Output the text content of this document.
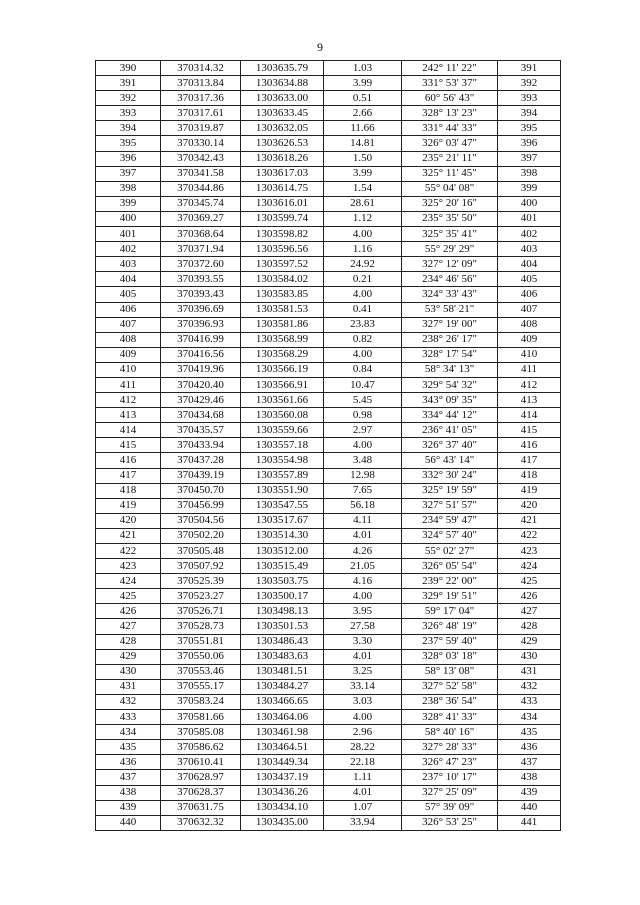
9
390	370314.32	1303635.79	1.03	242° 11' 22"	391
391	370313.84	1303634.88	3.99	331° 53' 37"	392
392	370317.36	1303633.00	0.51	60° 56' 43"	393
393	370317.61	1303633.45	2.66	328° 13' 23"	394
394	370319.87	1303632.05	11.66	331° 44' 33"	395
395	370330.14	1303626.53	14.81	326° 03' 47"	396
396	370342.43	1303618.26	1.50	235° 21' 11"	397
397	370341.58	1303617.03	3.99	325° 11' 45"	398
398	370344.86	1303614.75	1.54	55° 04' 08"	399
399	370345.74	1303616.01	28.61	325° 20' 16"	400
400	370369.27	1303599.74	1.12	235° 35' 50"	401
401	370368.64	1303598.82	4.00	325° 35' 41"	402
402	370371.94	1303596.56	1.16	55° 29' 29"	403
403	370372.60	1303597.52	24.92	327° 12' 09"	404
404	370393.55	1303584.02	0.21	234° 46' 56"	405
405	370393.43	1303583.85	4.00	324° 33' 43"	406
406	370396.69	1303581.53	0.41	53° 58' 21"	407
407	370396.93	1303581.86	23.83	327° 19' 00"	408
408	370416.99	1303568.99	0.82	238° 26' 17"	409
409	370416.56	1303568.29	4.00	328° 17' 54"	410
410	370419.96	1303566.19	0.84	58° 34' 13"	411
411	370420.40	1303566.91	10.47	329° 54' 32"	412
412	370429.46	1303561.66	5.45	343° 09' 35"	413
413	370434.68	1303560.08	0.98	334° 44' 12"	414
414	370435.57	1303559.66	2.97	236° 41' 05"	415
415	370433.94	1303557.18	4.00	326° 37' 40"	416
416	370437.28	1303554.98	3.48	56° 43' 14"	417
417	370439.19	1303557.89	12.98	332° 30' 24"	418
418	370450.70	1303551.90	7.65	325° 19' 59"	419
419	370456.99	1303547.55	56.18	327° 51' 57"	420
420	370504.56	1303517.67	4.11	234° 59' 47"	421
421	370502.20	1303514.30	4.01	324° 57' 40"	422
422	370505.48	1303512.00	4.26	55° 02' 27"	423
423	370507.92	1303515.49	21.05	326° 05' 54"	424
424	370525.39	1303503.75	4.16	239° 22' 00"	425
425	370523.27	1303500.17	4.00	329° 19' 51"	426
426	370526.71	1303498.13	3.95	59° 17' 04"	427
427	370528.73	1303501.53	27.58	326° 48' 19"	428
428	370551.81	1303486.43	3.30	237° 59' 40"	429
429	370550.06	1303483.63	4.01	328° 03' 18"	430
430	370553.46	1303481.51	3.25	58° 13' 08"	431
431	370555.17	1303484.27	33.14	327° 52' 58"	432
432	370583.24	1303466.65	3.03	238° 36' 54"	433
433	370581.66	1303464.06	4.00	328° 41' 33"	434
434	370585.08	1303461.98	2.96	58° 40' 16"	435
435	370586.62	1303464.51	28.22	327° 28' 33"	436
436	370610.41	1303449.34	22.18	326° 47' 23"	437
437	370628.97	1303437.19	1.11	237° 10' 17"	438
438	370628.37	1303436.26	4.01	327° 25' 09"	439
439	370631.75	1303434.10	1.07	57° 39' 09"	440
440	370632.32	1303435.00	33.94	326° 53' 25"	441
